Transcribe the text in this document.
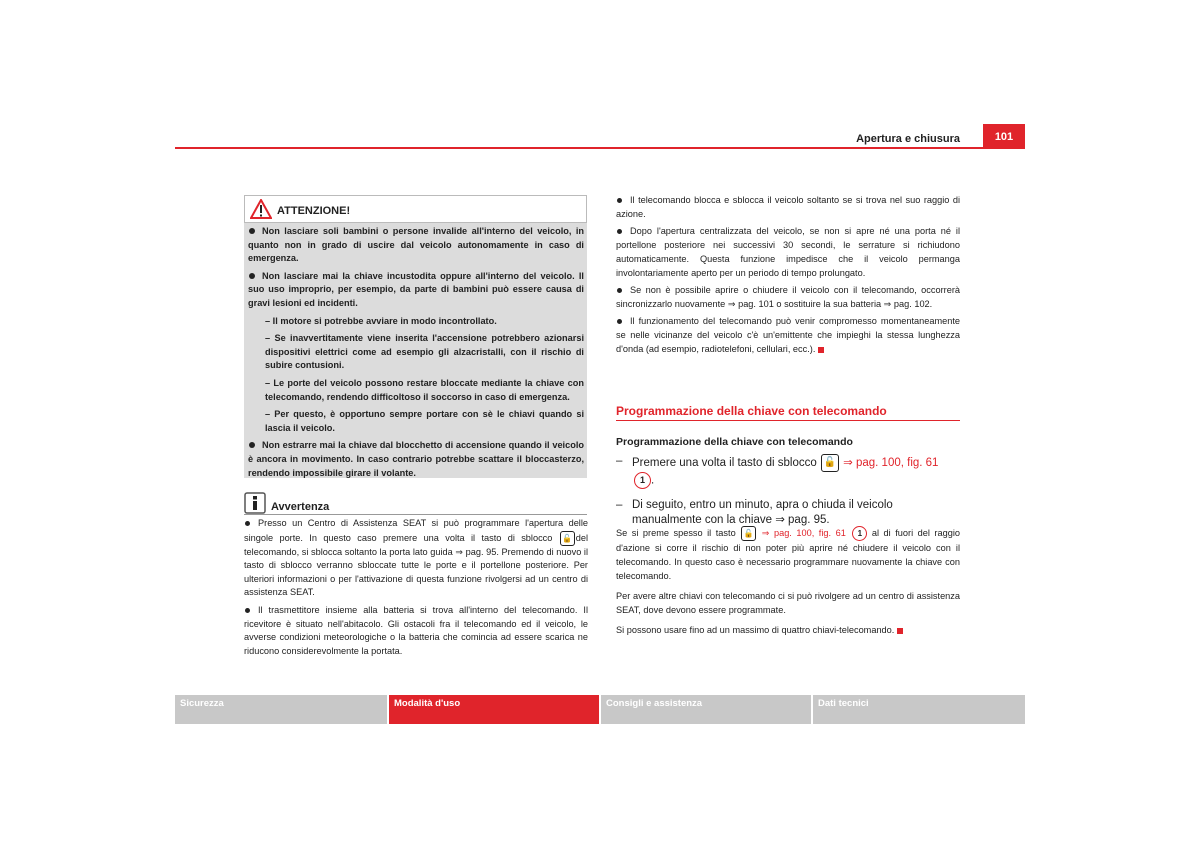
Apertura e chiusura	101
ATTENZIONE!

Non lasciare soli bambini o persone invalide all'interno del veicolo, in quanto non in grado di uscire dal veicolo autonomamente in caso di emergenza.

Non lasciare mai la chiave incustodita oppure all'interno del veicolo. Il suo uso improprio, per esempio, da parte di bambini può essere causa di gravi lesioni ed incidenti.

– Il motore si potrebbe avviare in modo incontrollato.

– Se inavvertitamente viene inserita l'accensione potrebbero azionarsi dispositivi elettrici come ad esempio gli alzacristalli, con il rischio di subire contusioni.

– Le porte del veicolo possono restare bloccate mediante la chiave con telecomando, rendendo difficoltoso il soccorso in caso di emergenza.

– Per questo, è opportuno sempre portare con sè le chiavi quando si lascia il veicolo.

Non estrarre mai la chiave dal blocchetto di accensione quando il veicolo è ancora in movimento. In caso contrario potrebbe scattare il bloccasterzo, rendendo impossibile girare il volante.

Avvertenza

Presso un Centro di Assistenza SEAT si può programmare l'apertura delle singole porte. In questo caso premere una volta il tasto di sblocco 🔓 del telecomando, si sblocca soltanto la porta lato guida ⇒ pag. 95. Premendo di nuovo il tasto di sblocco verranno sbloccate tutte le porte e il portellone posteriore. Per ulteriori informazioni o per l'attivazione di questa funzione rivolgersi ad un centro di assistenza SEAT.

Il trasmettitore insieme alla batteria si trova all'interno del telecomando. Il ricevitore è situato nell'abitacolo. Gli ostacoli fra il telecomando ed il veicolo, le avverse condizioni meteorologiche o la batteria che comincia ad essere scarica ne riducono considerevolmente la portata.

Il telecomando blocca e sblocca il veicolo soltanto se si trova nel suo raggio di azione.

Dopo l'apertura centralizzata del veicolo, se non si apre né una porta né il portellone posteriore nei successivi 30 secondi, le serrature si richiudono automaticamente. Questa funzione impedisce che il veicolo permanga involontariamente aperto per un periodo di tempo prolungato.

Se non è possibile aprire o chiudere il veicolo con il telecomando, occorrerà sincronizzarlo nuovamente ⇒ pag. 101 o sostituire la sua batteria ⇒ pag. 102.

Il funzionamento del telecomando può venir compromesso momentaneamente se nelle vicinanze del veicolo c'è un'emittente che impieghi la stessa lunghezza d'onda (ad esempio, radiotelefoni, cellulari, ecc.).

Programmazione della chiave con telecomando
Programmazione della chiave con telecomando
– Premere una volta il tasto di sblocco 🔓 ⇒ pag. 100, fig. 61 1 .
– Di seguito, entro un minuto, apra o chiuda il veicolo manualmente con la chiave ⇒ pag. 95.

Se si preme spesso il tasto 🔓 ⇒ pag. 100, fig. 61 1 al di fuori del raggio d'azione si corre il rischio di non poter più aprire né chiudere il veicolo con il telecomando. In questo caso è necessario programmare nuovamente la chiave con telecomando.

Per avere altre chiavi con telecomando ci si può rivolgere ad un centro di assistenza SEAT, dove devono essere programmate.

Si possono usare fino ad un massimo di quattro chiavi-telecomando.

Sicurezza	Modalità d'uso	Consigli e assistenza	Dati tecnici
